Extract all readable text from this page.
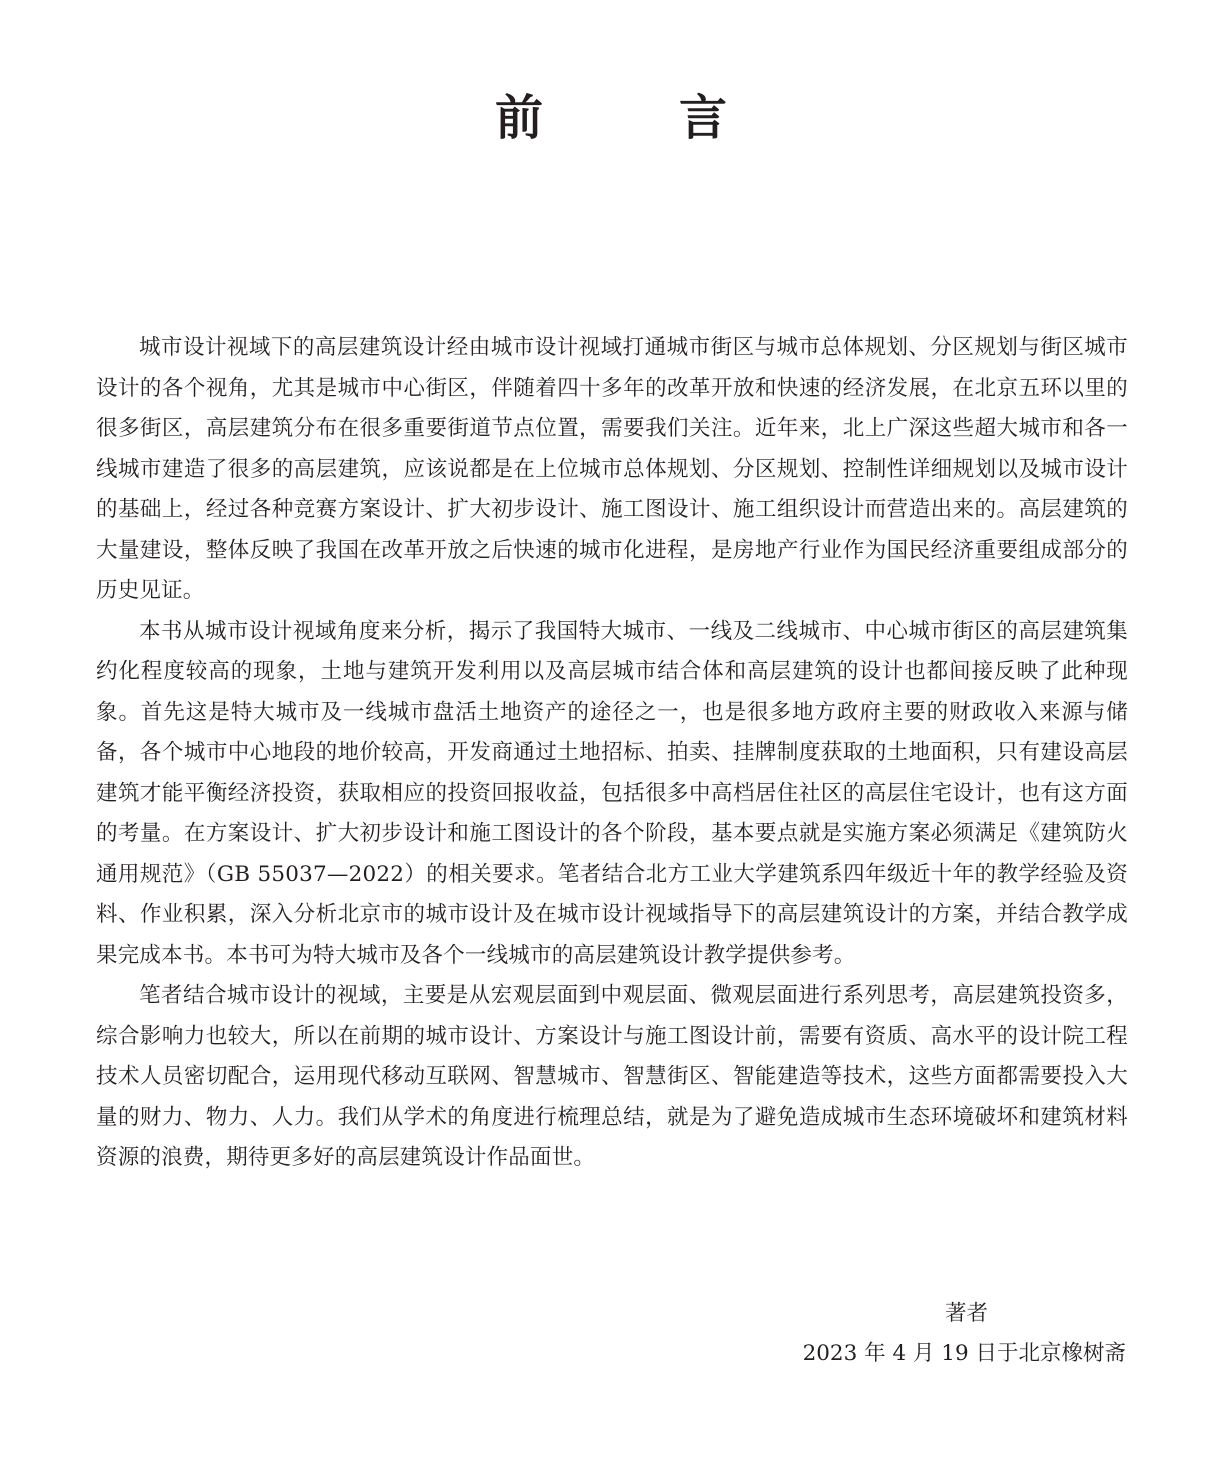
前　言

城市设计视域下的高层建筑设计经由城市设计视域打通城市街区与城市总体规划、分区规划与街区城市设计的各个视角，尤其是城市中心街区，伴随着四十多年的改革开放和快速的经济发展，在北京五环以里的很多街区，高层建筑分布在很多重要街道节点位置，需要我们关注。近年来，北上广深这些超大城市和各一线城市建造了很多的高层建筑，应该说都是在上位城市总体规划、分区规划、控制性详细规划以及城市设计的基础上，经过各种竞赛方案设计、扩大初步设计、施工图设计、施工组织设计而营造出来的。高层建筑的大量建设，整体反映了我国在改革开放之后快速的城市化进程，是房地产行业作为国民经济重要组成部分的历史见证。

本书从城市设计视域角度来分析，揭示了我国特大城市、一线及二线城市、中心城市街区的高层建筑集约化程度较高的现象，土地与建筑开发利用以及高层城市结合体和高层建筑的设计也都间接反映了此种现象。首先这是特大城市及一线城市盘活土地资产的途径之一，也是很多地方政府主要的财政收入来源与储备，各个城市中心地段的地价较高，开发商通过土地招标、拍卖、挂牌制度获取的土地面积，只有建设高层建筑才能平衡经济投资，获取相应的投资回报收益，包括很多中高档居住社区的高层住宅设计，也有这方面的考量。在方案设计、扩大初步设计和施工图设计的各个阶段，基本要点就是实施方案必须满足《建筑防火通用规范》（GB 55037—2022）的相关要求。笔者结合北方工业大学建筑系四年级近十年的教学经验及资料、作业积累，深入分析北京市的城市设计及在城市设计视域指导下的高层建筑设计的方案，并结合教学成果完成本书。本书可为特大城市及各个一线城市的高层建筑设计教学提供参考。

笔者结合城市设计的视域，主要是从宏观层面到中观层面、微观层面进行系列思考，高层建筑投资多，综合影响力也较大，所以在前期的城市设计、方案设计与施工图设计前，需要有资质、高水平的设计院工程技术人员密切配合，运用现代移动互联网、智慧城市、智慧街区、智能建造等技术，这些方面都需要投入大量的财力、物力、人力。我们从学术的角度进行梳理总结，就是为了避免造成城市生态环境破坏和建筑材料资源的浪费，期待更多好的高层建筑设计作品面世。

著者
2023 年 4 月 19 日于北京橡树斋
